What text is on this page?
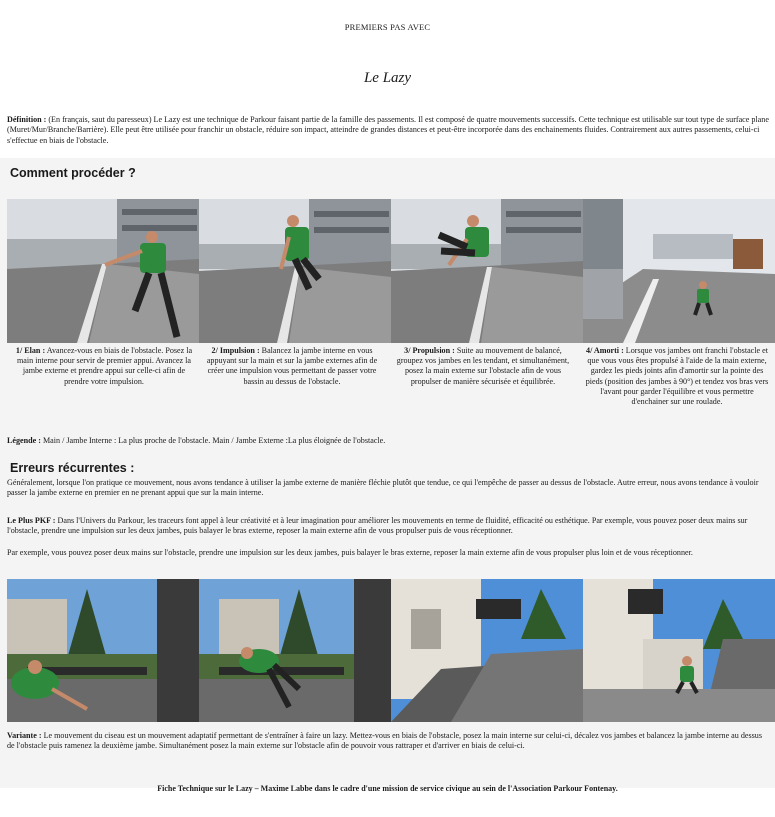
PREMIERS PAS AVEC
Le Lazy
Définition : (En français, saut du paresseux) Le Lazy est une technique de Parkour faisant partie de la famille des passements. Il est composé de quatre mouvements successifs. Cette technique est utilisable sur tout type de surface plane (Muret/Mur/Branche/Barrière). Elle peut être utilisée pour franchir un obstacle, réduire son impact, atteindre de grandes distances et peut-être incorporée dans des enchainements fluides. Contrairement aux autres passements, celui-ci s'effectue en biais de l'obstacle.
Comment procéder ?
1/ Elan : Avancez-vous en biais de l'obstacle. Posez la main interne pour servir de premier appui. Avancez la jambe externe et prendre appui sur celle-ci afin de prendre votre impulsion.
2/ Impulsion : Balancez la jambe interne en vous appuyant sur la main et sur la jambe externes afin de créer une impulsion vous permettant de passer votre bassin au dessus de l'obstacle.
3/ Propulsion : Suite au mouvement de balancé, groupez vos jambes en les tendant, et simultanément, posez la main externe sur l'obstacle afin de vous propulser de manière sécurisée et équilibrée.
4/ Amorti : Lorsque vos jambes ont franchi l'obstacle et que vous vous êtes propulsé à l'aide de la main externe, gardez les pieds joints afin d'amortir sur la pointe des pieds (position des jambes à 90°) et tendez vos bras vers l'avant pour garder l'équilibre et vous permettre d'enchainer sur une roulade.
Légende : Main / Jambe Interne : La plus proche de l'obstacle. Main / Jambe Externe :La plus éloignée de l'obstacle.
Erreurs récurrentes :
Généralement, lorsque l'on pratique ce mouvement, nous avons tendance à utiliser la jambe externe de manière fléchie plutôt que tendue, ce qui l'empêche de passer au dessus de l'obstacle. Autre erreur, nous avons tendance à vouloir passer la jambe externe en premier en ne prenant appui que sur la main interne.
Le Plus PKF : Dans l'Univers du Parkour, les traceurs font appel à leur créativité et à leur imagination pour améliorer les mouvements en terme de fluidité, efficacité ou esthétique. Par exemple, vous pouvez poser deux mains sur l'obstacle, prendre une impulsion sur les deux jambes, puis balayer le bras externe, reposer la main externe afin de vous propulser puis de vous réceptionner.
Par exemple, vous pouvez poser deux mains sur l'obstacle, prendre une impulsion sur les deux jambes, puis balayer le bras externe, reposer la main externe afin de vous propulser plus loin et de vous réceptionner.
Variante : Le mouvement du ciseau est un mouvement adaptatif permettant de s'entraîner à faire un lazy. Mettez-vous en biais de l'obstacle, posez la main interne sur celui-ci, décalez vos jambes et balancez la jambe interne au dessus de l'obstacle puis ramenez la deuxième jambe. Simultanément posez la main externe sur l'obstacle afin de pouvoir vous rattraper et d'arriver en biais de celui-ci.
Fiche Technique sur le Lazy – Maxime Labbe dans le cadre d'une mission de service civique au sein de l'Association Parkour Fontenay.
